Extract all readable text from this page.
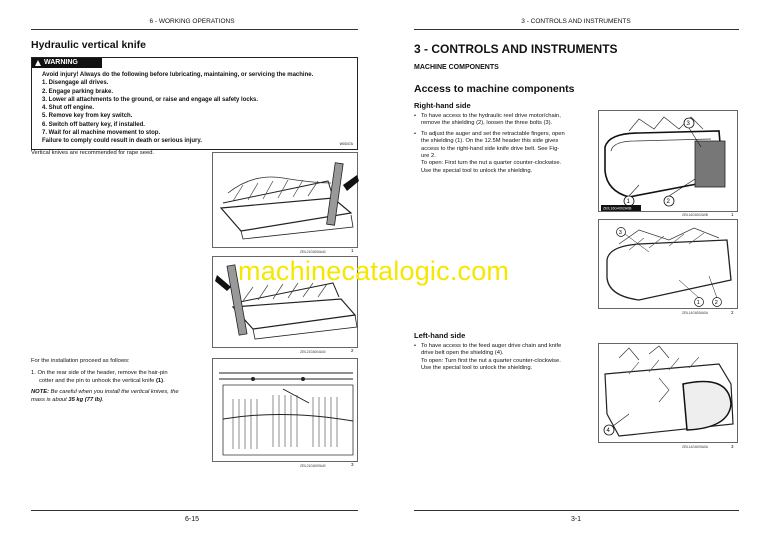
6 - WORKING OPERATIONS
Hydraulic vertical knife
WARNING
Avoid injury! Always do the following before lubricating, maintaining, or servicing the machine.
1. Disengage all drives.
2. Engage parking brake.
3. Lower all attachments to the ground, or raise and engage all safety locks.
4. Shut off engine.
5. Remove key from key switch.
6. Switch off battery key, if installed.
7. Wait for all machine movement to stop.
Failure to comply could result in death or serious injury.	W0047A
Vertical knives are recommended for rape seed.
ZEIL21G4006A40	1
ZEIL21G4004A40	2
For the installation proceed as follows:
1. On the rear side of the header, remove the hair-pin
cotter and the pin to unhook the vertical knife (1).
NOTE: Be careful when you install the vertical knives, the
mass is about 35 kg (77 lb).
ZEIL21G4009A40	3
6-15
3 - CONTROLS AND INSTRUMENTS
3 - CONTROLS AND INSTRUMENTS
MACHINE COMPONENTS
Access to machine components
Right-hand side
• To have access to the hydraulic reel drive motor/chain,
remove the shielding (2), loosen the three bolts (3).
• To adjust the auger and set the retractable fingers, open
the shielding (1). On the 12.5M header this side gives
access to the right-hand side knife drive belt. See Fig-
ure 2.
To open: First turn the nut a quarter counter-clockwise.
Use the special tool to unlock the shielding.
1	2
3
ZEIL16G4002A0B
ZEIL16G4002A0B	1
3
1	2
ZEIL14G4006A0A	2
Left-hand side
• To have access to the feed auger drive chain and knife
drive belt open the shielding (4).
To open: Turn first the nut a quarter counter-clockwise.
Use the special tool to unlock the shielding.
4
ZEIL14G4005A0A	3
3-1
machinecatalogic.com
